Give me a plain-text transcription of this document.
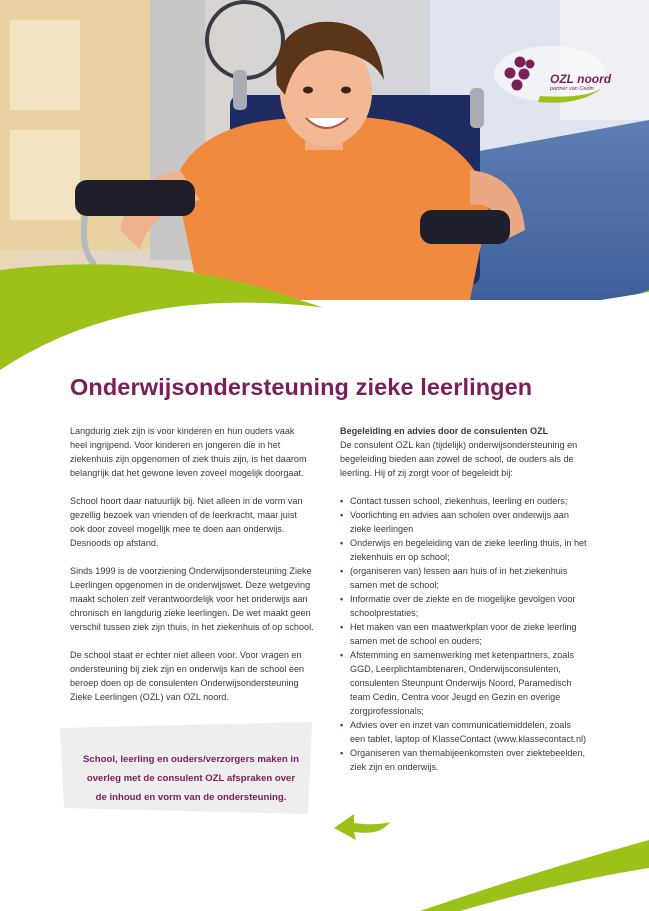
OZL noord
partner van Cedin
Onderwijsondersteuning zieke leerlingen

Langdurig ziek zijn is voor kinderen en hun ouders vaak heel ingrijpend. Voor kinderen en jongeren die in het ziekenhuis zijn opgenomen of ziek thuis zijn, is het daarom belangrijk dat het gewone leven zoveel mogelijk doorgaat.

School hoort daar natuurlijk bij. Niet alleen in de vorm van gezellig bezoek van vrienden of de leerkracht, maar juist ook door zoveel mogelijk mee te doen aan onderwijs. Desnoods op afstand.

Sinds 1999 is de voorziening Onderwijsondersteuning Zieke Leerlingen opgenomen in de onderwijswet. Deze wetgeving maakt scholen zelf verantwoordelijk voor het onderwijs aan chronisch en langdurig zieke leerlingen. De wet maakt geen verschil tussen ziek zijn thuis, in het ziekenhuis of op school.

De school staat er echter niet alleen voor. Voor vragen en ondersteuning bij ziek zijn en onderwijs kan de school een beroep doen op de consulenten Onderwijsondersteuning Zieke Leerlingen (OZL) van OZL noord.

Begeleiding en advies door de consulenten OZL

De consulent OZL kan (tijdelijk) onderwijsondersteuning en begeleiding bieden aan zowel de school, de ouders als de leerling. Hij of zij zorgt voor of begeleidt bij:

• Contact tussen school, ziekenhuis, leerling en ouders;
• Voorlichting en advies aan scholen over onderwijs aan zieke leerlingen
• Onderwijs en begeleiding van de zieke leerling thuis, in het ziekenhuis en op school;
• (organiseren van) lessen aan huis of in het ziekenhuis samen met de school;
• Informatie over de ziekte en de mogelijke gevolgen voor schoolprestaties;
• Het maken van een maatwerkplan voor de zieke leerling samen met de school en ouders;
• Afstemming en samenwerking met ketenpartners, zoals GGD, Leerplichtambtenaren, Onderwijsconsulenten, consulenten Steunpunt Onderwijs Noord, Paramedisch team Cedin, Centra voor Jeugd en Gezin en overige zorgprofessionals;
• Advies over en inzet van communicatiemiddelen, zoals een tablet, laptop of KlasseContact (www.klassecontact.nl)
• Organiseren van themabijeenkomsten over ziektebeelden, ziek zijn en onderwijs.
School, leerling en ouders/verzorgers maken in overleg met de consulent OZL afspraken over de inhoud en vorm van de ondersteuning.
